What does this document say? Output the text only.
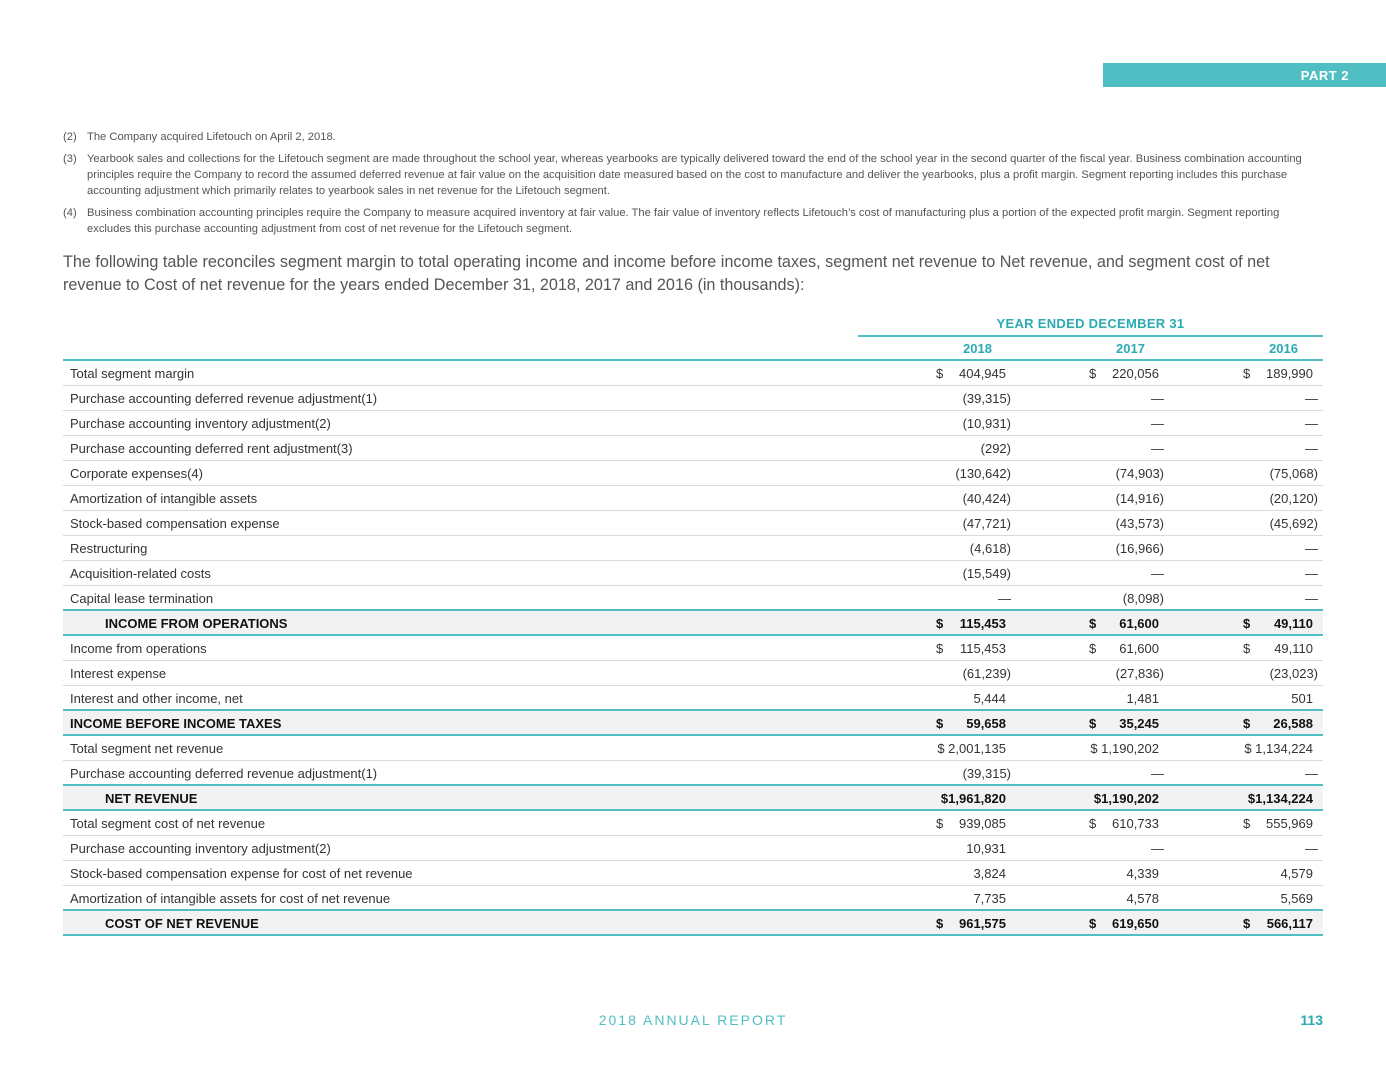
PART 2
(2) The Company acquired Lifetouch on April 2, 2018.
(3) Yearbook sales and collections for the Lifetouch segment are made throughout the school year, whereas yearbooks are typically delivered toward the end of the school year in the second quarter of the fiscal year. Business combination accounting principles require the Company to record the assumed deferred revenue at fair value on the acquisition date measured based on the cost to manufacture and deliver the yearbooks, plus a profit margin. Segment reporting includes this purchase accounting adjustment which primarily relates to yearbook sales in net revenue for the Lifetouch segment.
(4) Business combination accounting principles require the Company to measure acquired inventory at fair value. The fair value of inventory reflects Lifetouch’s cost of manufacturing plus a portion of the expected profit margin. Segment reporting excludes this purchase accounting adjustment from cost of net revenue for the Lifetouch segment.
The following table reconciles segment margin to total operating income and income before income taxes, segment net revenue to Net revenue, and segment cost of net revenue to Cost of net revenue for the years ended December 31, 2018, 2017 and 2016 (in thousands):
YEAR ENDED DECEMBER 31
2018	2017	2016
Total segment margin	$ 404,945	$ 220,056	$ 189,990
Purchase accounting deferred revenue adjustment(1)	(39,315)	—	—
Purchase accounting inventory adjustment(2)	(10,931)	—	—
Purchase accounting deferred rent adjustment(3)	(292)	—	—
Corporate expenses(4)	(130,642)	(74,903)	(75,068)
Amortization of intangible assets	(40,424)	(14,916)	(20,120)
Stock-based compensation expense	(47,721)	(43,573)	(45,692)
Restructuring	(4,618)	(16,966)	—
Acquisition-related costs	(15,549)	—	—
Capital lease termination	—	(8,098)	—
INCOME FROM OPERATIONS	$ 115,453	$ 61,600	$ 49,110
Income from operations	$ 115,453	$ 61,600	$ 49,110
Interest expense	(61,239)	(27,836)	(23,023)
Interest and other income, net	5,444	1,481	501
INCOME BEFORE INCOME TAXES	$ 59,658	$ 35,245	$ 26,588
Total segment net revenue	$ 2,001,135	$ 1,190,202	$ 1,134,224
Purchase accounting deferred revenue adjustment(1)	(39,315)	—	—
NET REVENUE	$1,961,820	$1,190,202	$1,134,224
Total segment cost of net revenue	$ 939,085	$ 610,733	$ 555,969
Purchase accounting inventory adjustment(2)	10,931	—	—
Stock-based compensation expense for cost of net revenue	3,824	4,339	4,579
Amortization of intangible assets for cost of net revenue	7,735	4,578	5,569
COST OF NET REVENUE	$ 961,575	$ 619,650	$ 566,117
2018 ANNUAL REPORT	113
